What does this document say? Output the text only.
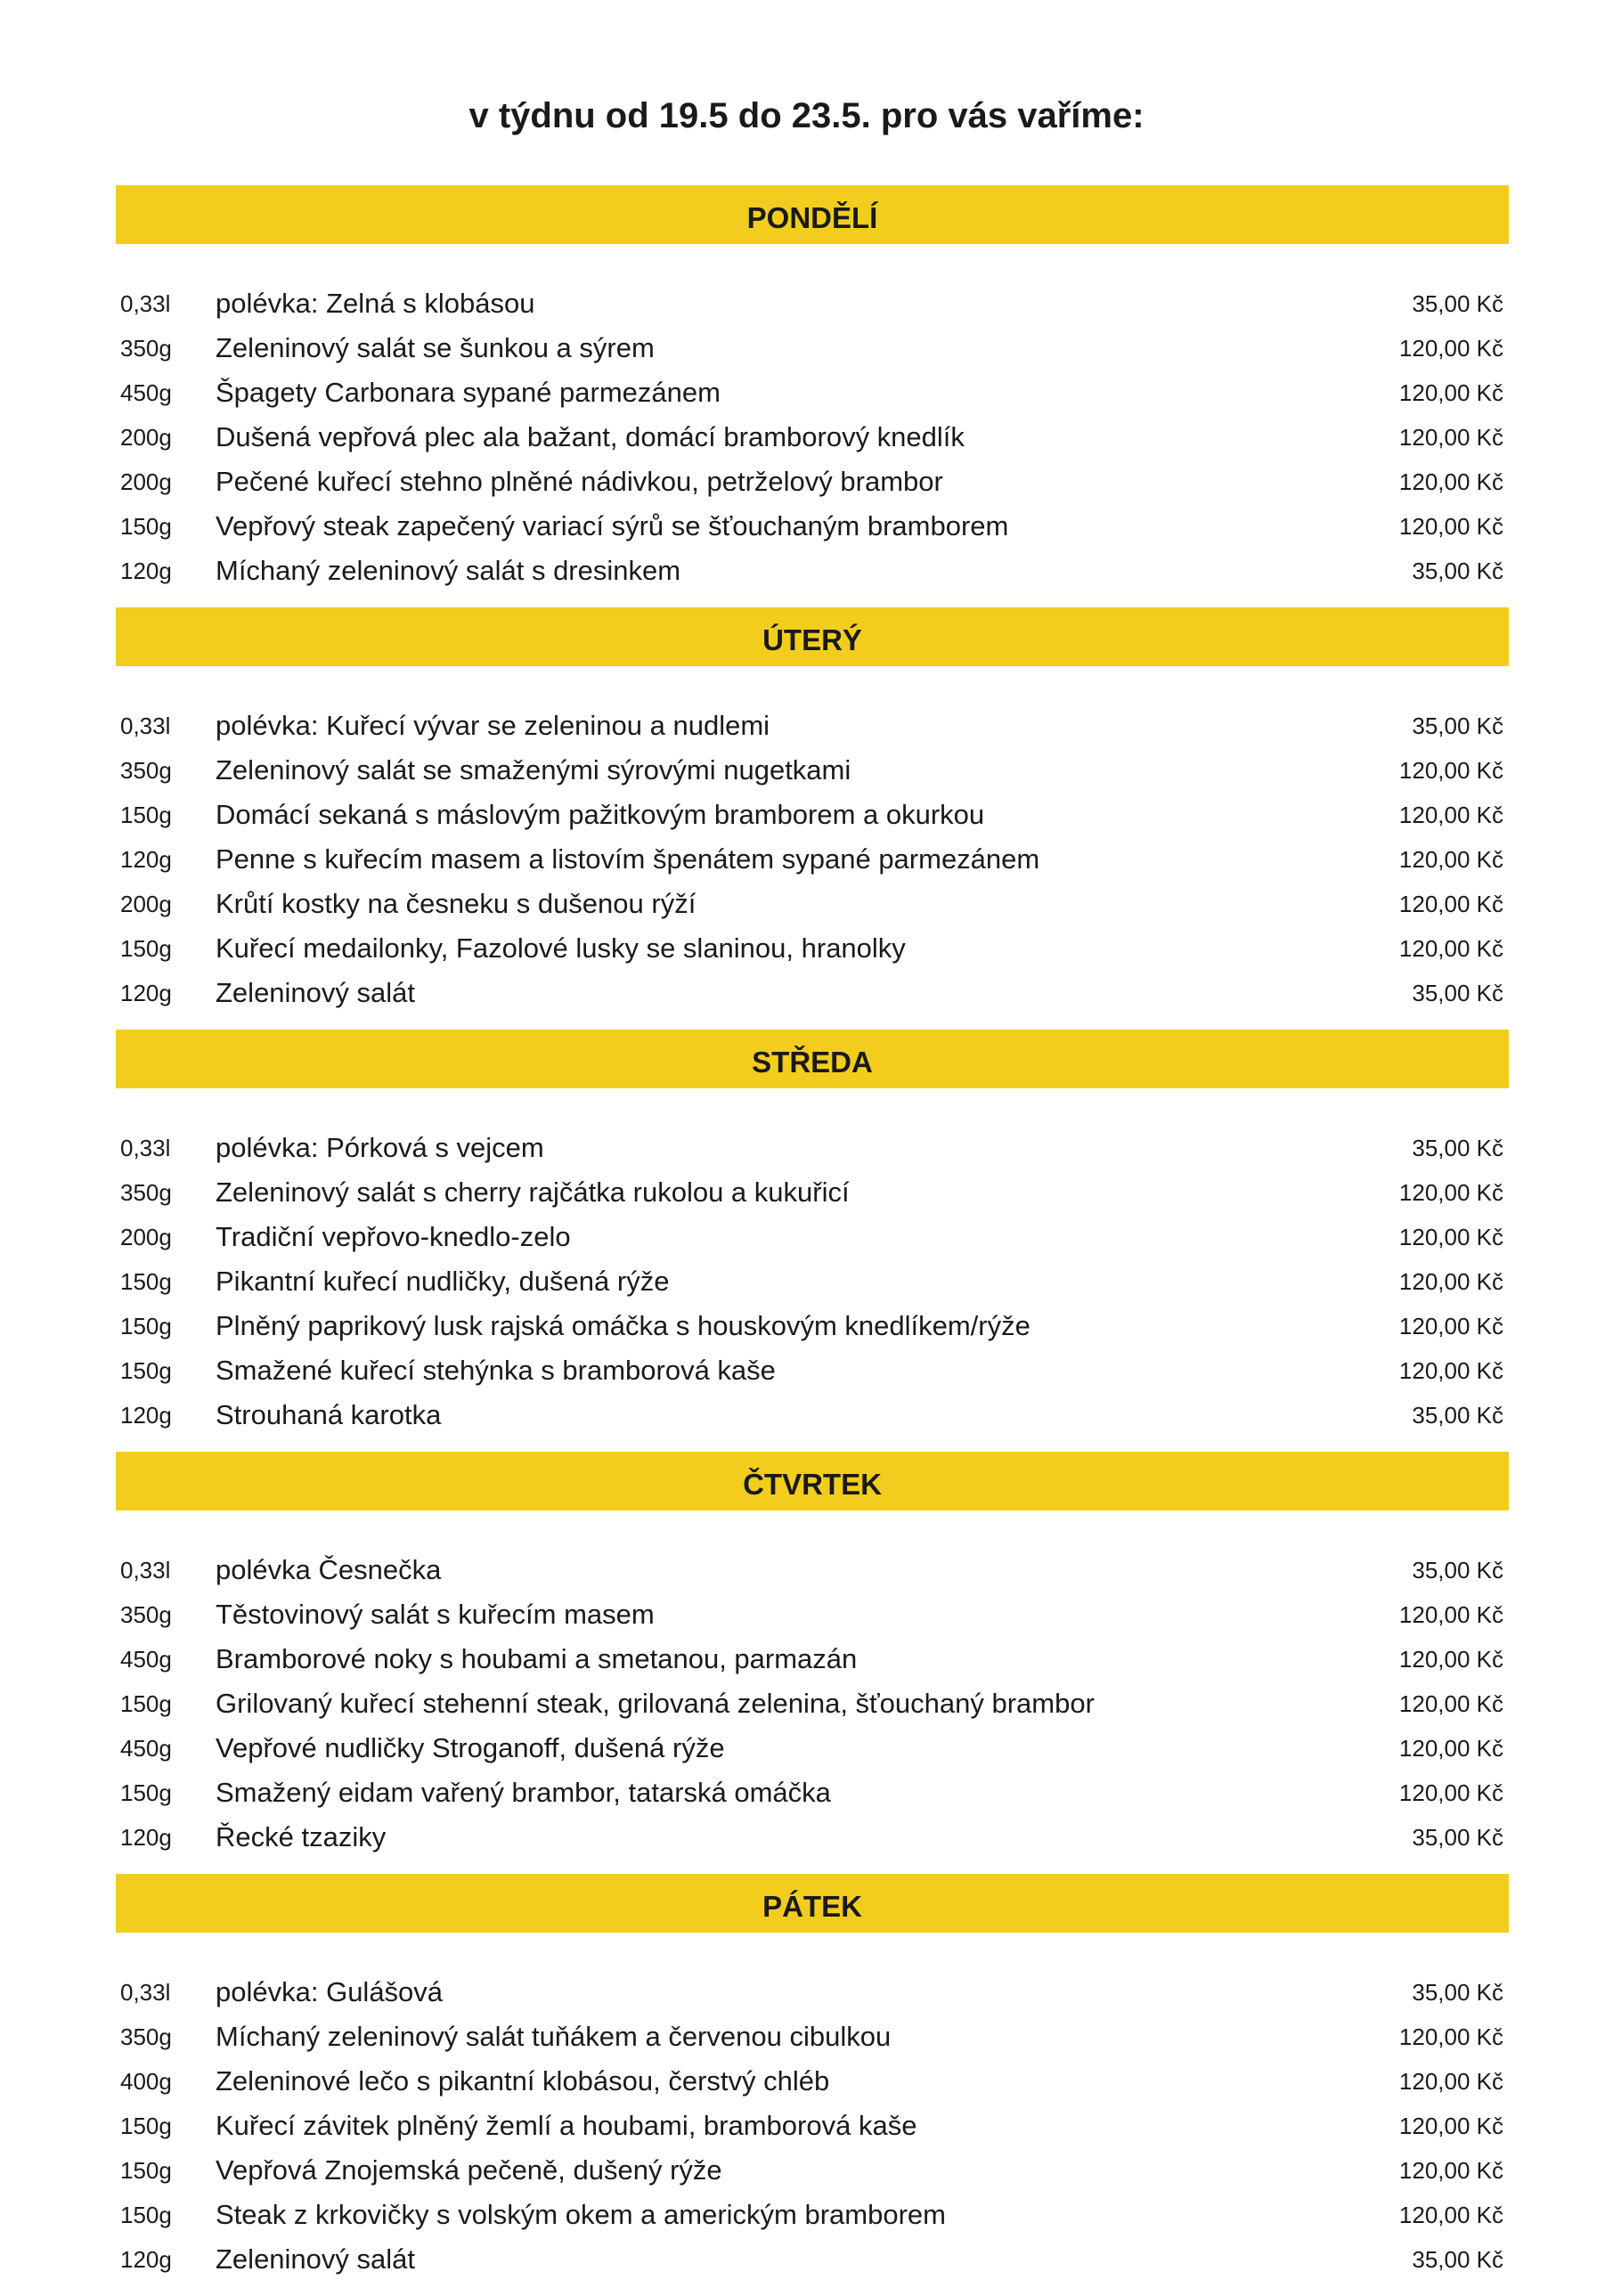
v týdnu od 19.5 do 23.5. pro vás vaříme:
PONDĚLÍ
0,33l	polévka: Zelná s klobásou	35,00 Kč
350g	Zeleninový salát se šunkou a sýrem	120,00 Kč
450g	Špagety Carbonara sypané parmezánem	120,00 Kč
200g	Dušená vepřová plec ala bažant, domácí bramborový knedlík	120,00 Kč
200g	Pečené kuřecí stehno plněné nádivkou, petrželový brambor	120,00 Kč
150g	Vepřový steak zapečený variací sýrů se šťouchaným bramborem	120,00 Kč
120g	Míchaný zeleninový salát s dresinkem	35,00 Kč
ÚTERÝ
0,33l	polévka: Kuřecí vývar se zeleninou a nudlemi	35,00 Kč
350g	Zeleninový salát se smaženými sýrovými nugetkami	120,00 Kč
150g	Domácí sekaná s máslovým pažitkovým bramborem a okurkou	120,00 Kč
120g	Penne s kuřecím masem a listovím špenátem sypané parmezánem	120,00 Kč
200g	Krůtí kostky na česneku s dušenou rýží	120,00 Kč
150g	Kuřecí medailonky, Fazolové lusky se slaninou, hranolky	120,00 Kč
120g	Zeleninový salát	35,00 Kč
STŘEDA
0,33l	polévka: Pórková s vejcem	35,00 Kč
350g	Zeleninový salát s cherry rajčátka rukolou a kukuřicí	120,00 Kč
200g	Tradiční vepřovo-knedlo-zelo	120,00 Kč
150g	Pikantní kuřecí nudličky, dušená rýže	120,00 Kč
150g	Plněný paprikový lusk rajská omáčka s houskovým knedlíkem/rýže	120,00 Kč
150g	Smažené kuřecí stehýnka s bramborová kaše	120,00 Kč
120g	Strouhaná karotka	35,00 Kč
ČTVRTEK
0,33l	polévka Česnečka	35,00 Kč
350g	Těstovinový salát s kuřecím masem	120,00 Kč
450g	Bramborové noky s houbami a smetanou, parmazán	120,00 Kč
150g	Grilovaný kuřecí stehenní steak, grilovaná zelenina, šťouchaný brambor	120,00 Kč
450g	Vepřové nudličky Stroganoff, dušená rýže	120,00 Kč
150g	Smažený eidam vařený brambor, tatarská omáčka	120,00 Kč
120g	Řecké tzaziky	35,00 Kč
PÁTEK
0,33l	polévka: Gulášová	35,00 Kč
350g	Míchaný zeleninový salát tuňákem a červenou cibulkou	120,00 Kč
400g	Zeleninové lečo s pikantní klobásou, čerstvý chléb	120,00 Kč
150g	Kuřecí závitek plněný žemlí a houbami, bramborová kaše	120,00 Kč
150g	Vepřová Znojemská pečeně, dušený rýže	120,00 Kč
150g	Steak z krkovičky s volským okem a americkým bramborem	120,00 Kč
120g	Zeleninový salát	35,00 Kč
